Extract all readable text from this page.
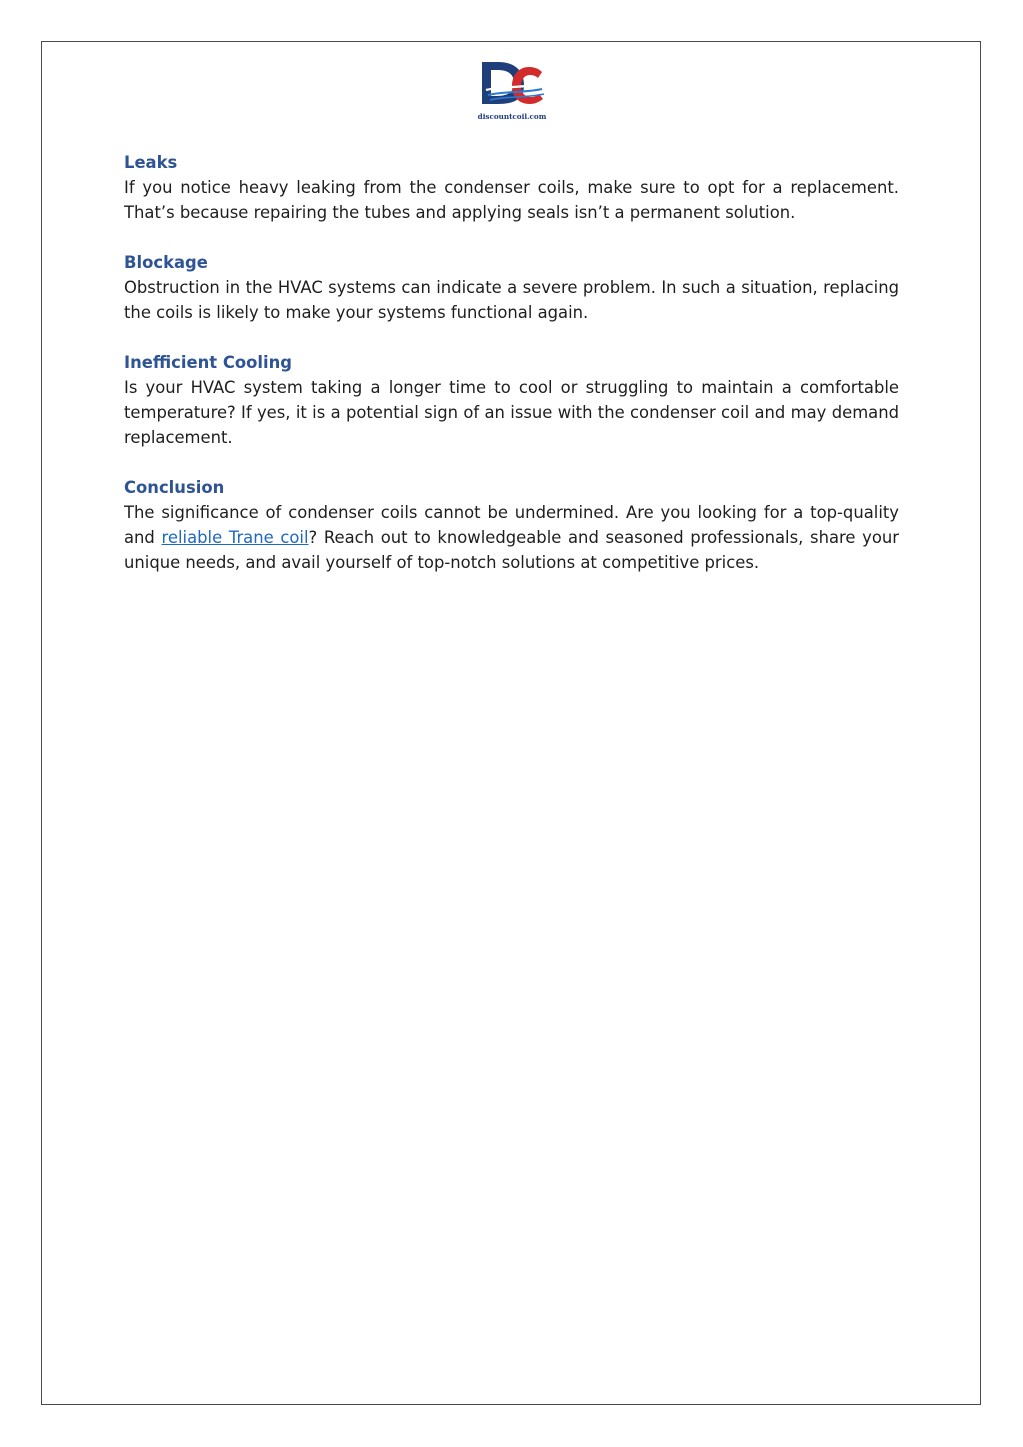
discountcoil.com

Leaks

If you notice heavy leaking from the condenser coils, make sure to opt for a replacement. That’s because repairing the tubes and applying seals isn’t a permanent solution.

Blockage

Obstruction in the HVAC systems can indicate a severe problem. In such a situation, replacing the coils is likely to make your systems functional again.

Inefficient Cooling

Is your HVAC system taking a longer time to cool or struggling to maintain a comfortable temperature? If yes, it is a potential sign of an issue with the condenser coil and may demand replacement.

Conclusion

The significance of condenser coils cannot be undermined. Are you looking for a top-quality and reliable Trane coil? Reach out to knowledgeable and seasoned professionals, share your unique needs, and avail yourself of top-notch solutions at competitive prices.
